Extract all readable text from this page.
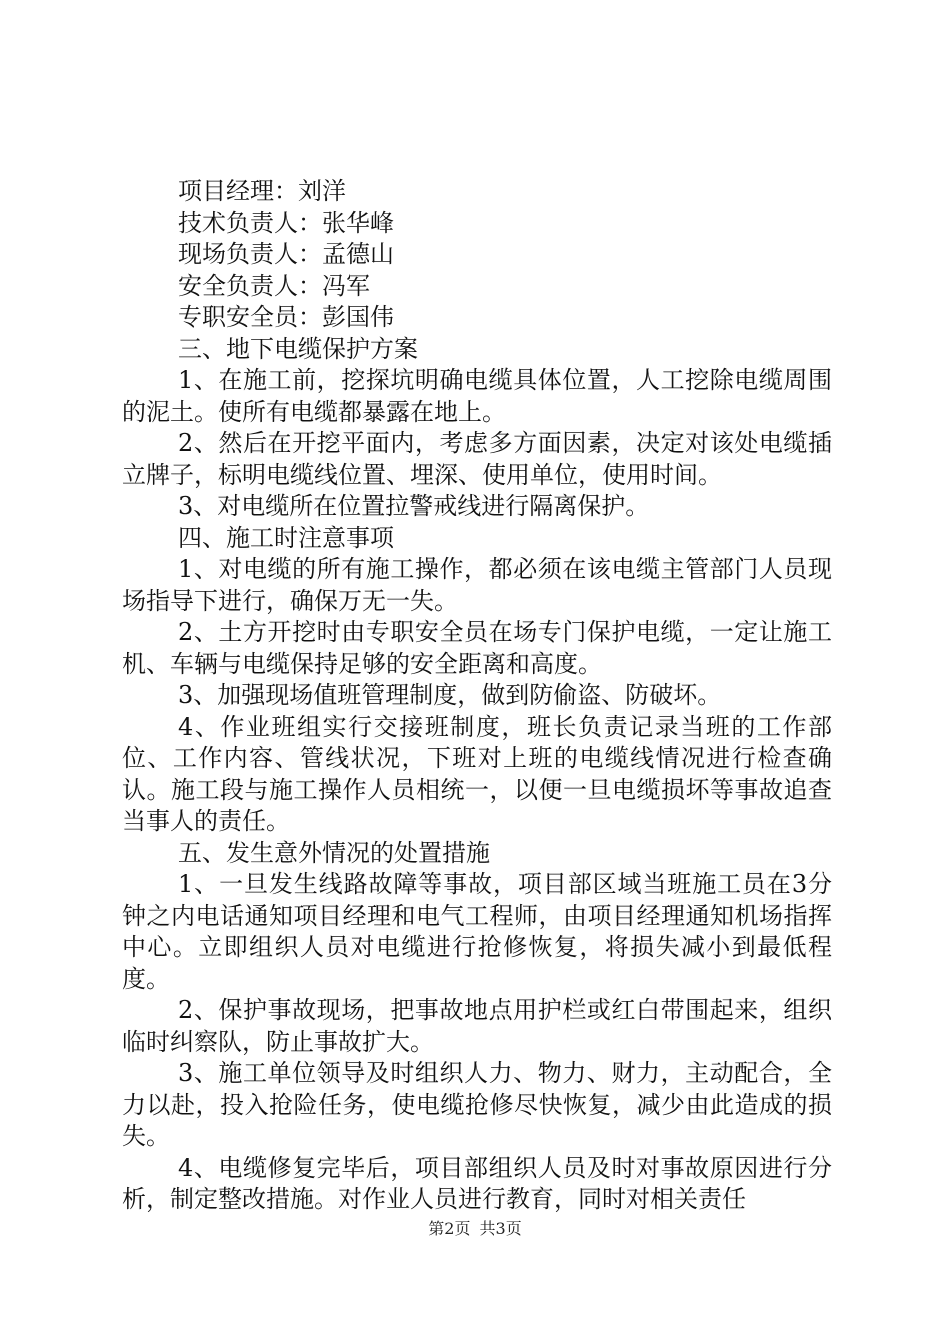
项目经理：刘洋

技术负责人：张华峰

现场负责人：孟德山

安全负责人：冯军

专职安全员：彭国伟

三、地下电缆保护方案

1、在施工前，挖探坑明确电缆具体位置，人工挖除电缆周围的泥土。使所有电缆都暴露在地上。

2、然后在开挖平面内，考虑多方面因素，决定对该处电缆插立牌子，标明电缆线位置、埋深、使用单位，使用时间。

3、对电缆所在位置拉警戒线进行隔离保护。

四、施工时注意事项

1、对电缆的所有施工操作，都必须在该电缆主管部门人员现场指导下进行，确保万无一失。

2、土方开挖时由专职安全员在场专门保护电缆，一定让施工机、车辆与电缆保持足够的安全距离和高度。

3、加强现场值班管理制度，做到防偷盗、防破坏。

4、作业班组实行交接班制度，班长负责记录当班的工作部位、工作内容、管线状况，下班对上班的电缆线情况进行检查确认。施工段与施工操作人员相统一，以便一旦电缆损坏等事故追查当事人的责任。

五、发生意外情况的处置措施

1、一旦发生线路故障等事故，项目部区域当班施工员在3分钟之内电话通知项目经理和电气工程师，由项目经理通知机场指挥中心。立即组织人员对电缆进行抢修恢复，将损失减小到最低程度。

2、保护事故现场，把事故地点用护栏或红白带围起来，组织临时纠察队，防止事故扩大。

3、施工单位领导及时组织人力、物力、财力，主动配合，全力以赴，投入抢险任务，使电缆抢修尽快恢复，减少由此造成的损失。

4、电缆修复完毕后，项目部组织人员及时对事故原因进行分析，制定整改措施。对作业人员进行教育，同时对相关责任

第2页 共3页
